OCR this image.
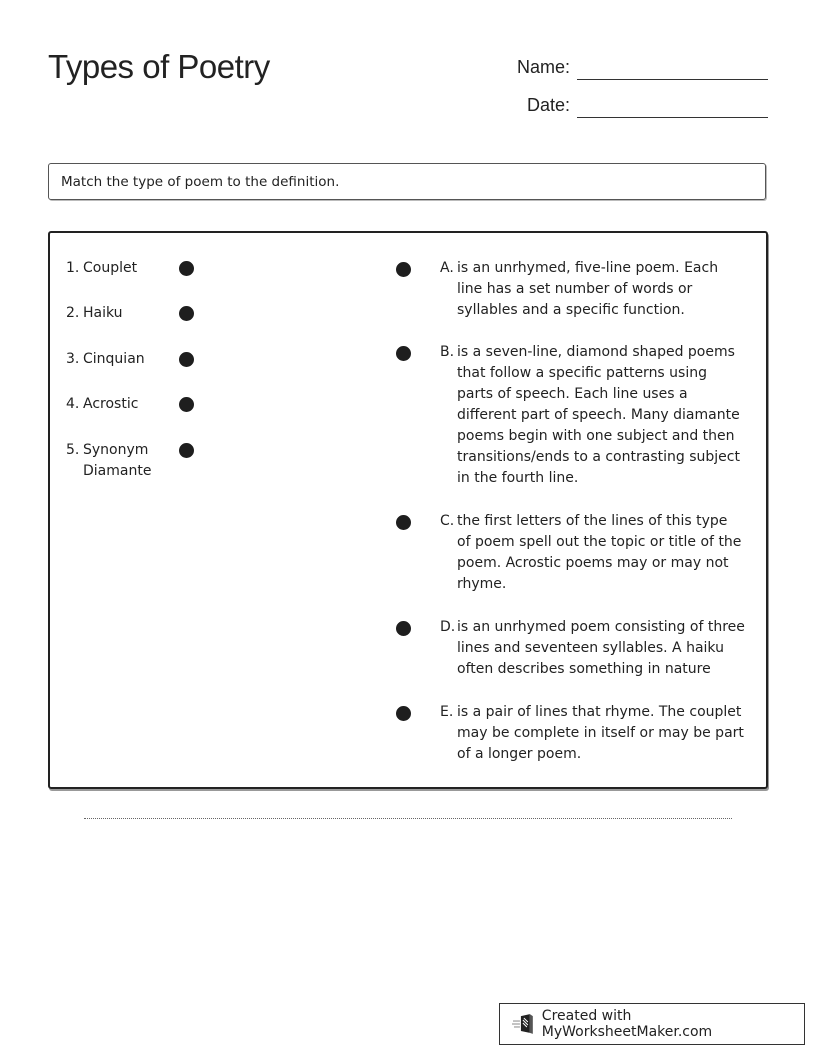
Types of Poetry	Name:
Date:
Match the type of poem to the definition.
1. Couplet
2. Haiku
3. Cinquian
4. Acrostic
5. Synonym Diamante
A. is an unrhymed, five-line poem. Each line has a set number of words or syllables and a specific function.
B. is a seven-line, diamond shaped poems that follow a specific patterns using parts of speech. Each line uses a different part of speech. Many diamante poems begin with one subject and then transitions/ends to a contrasting subject in the fourth line.
C. the first letters of the lines of this type of poem spell out the topic or title of the poem. Acrostic poems may or may not rhyme.
D. is an unrhymed poem consisting of three lines and seventeen syllables. A haiku often describes something in nature
E. is a pair of lines that rhyme. The couplet may be complete in itself or may be part of a longer poem.
Created with MyWorksheetMaker.com
